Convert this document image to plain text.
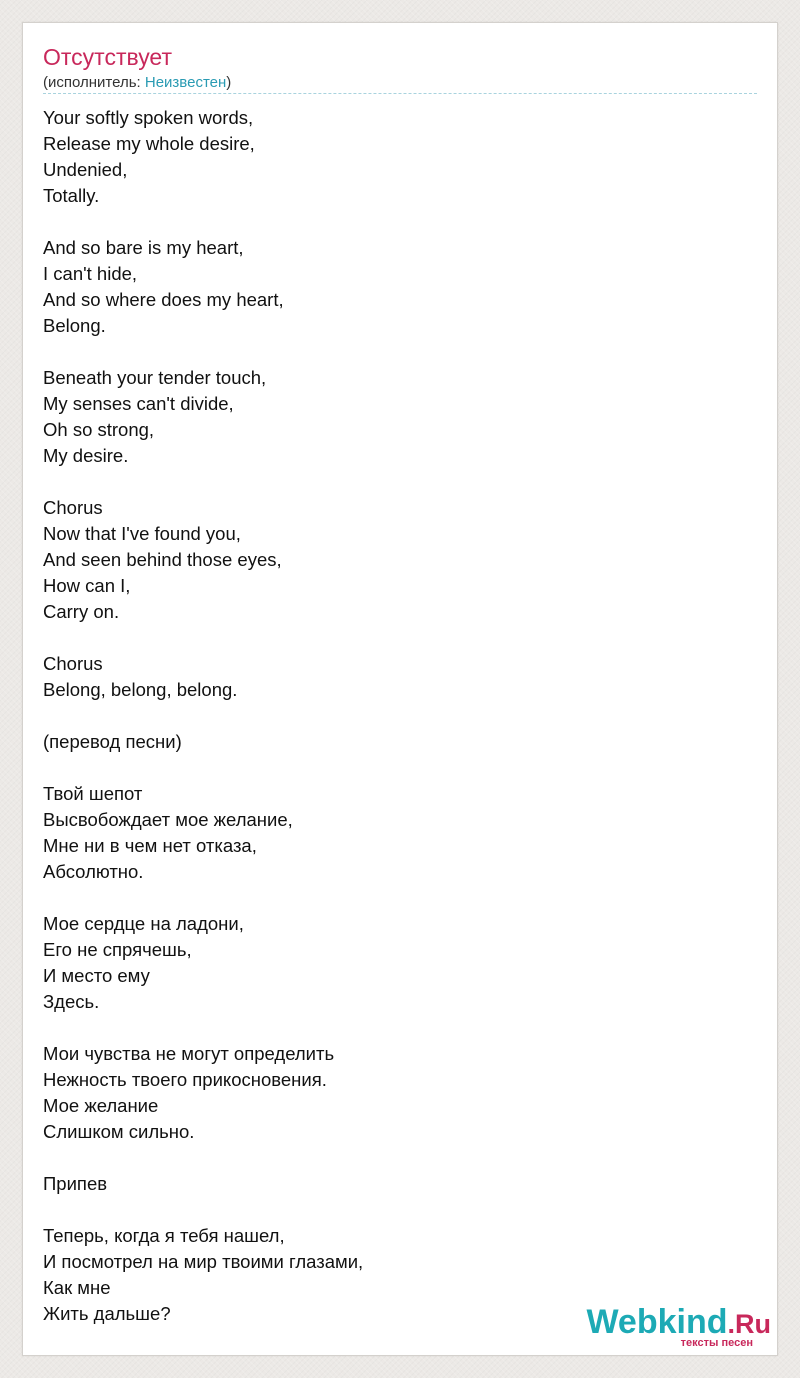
Отсутствует
(исполнитель: Неизвестен)
Your softly spoken words,
Release my whole desire,
Undenied,
Totally.

And so bare is my heart,
I can't hide,
And so where does my heart,
Belong.

Beneath your tender touch,
My senses can't divide,
Oh so strong,
My desire.

Chorus
Now that I've found you,
And seen behind those eyes,
How can I,
Carry on.

Chorus
Belong, belong, belong.

(перевод песни)

Твой шепот
Высвобождает мое желание,
Мне ни в чем нет отказа,
Абсолютно.

Мое сердце на ладони,
Его не спрячешь,
И место ему
Здесь.

Мои чувства не могут определить
Нежность твоего прикосновения.
Мое желание
Слишком сильно.

Припев

Теперь, когда я тебя нашел,
И посмотрел на мир твоими глазами,
Как мне
Жить дальше?	Webkind.Ru
тексты песен
